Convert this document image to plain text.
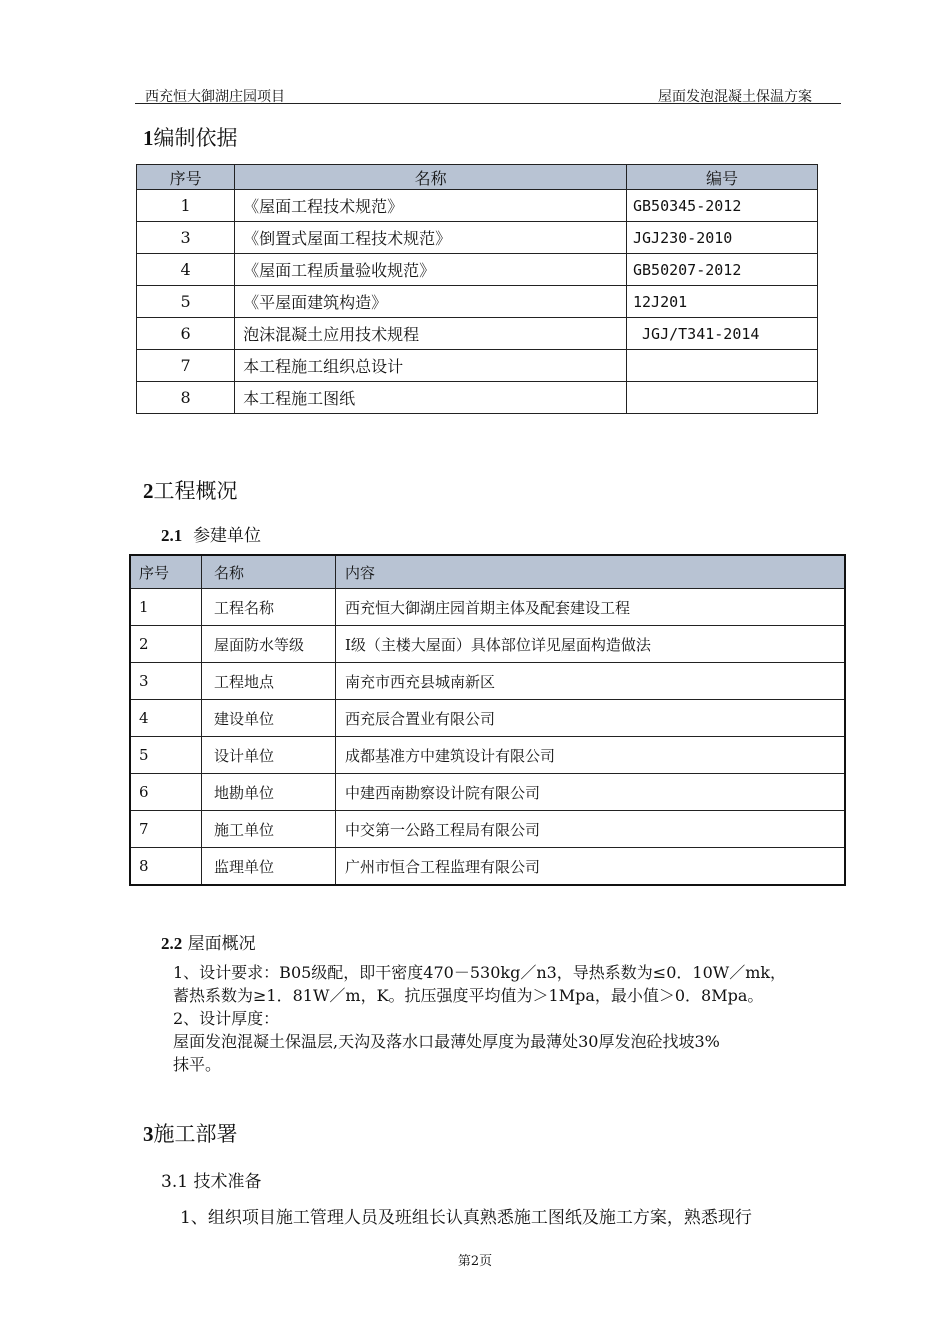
西充恒大御湖庄园项目	屋面发泡混凝土保温方案
1编制依据
序号	名称	编号
1	《屋面工程技术规范》	GB50345-2012
3	《倒置式屋面工程技术规范》	JGJ230-2010
4	《屋面工程质量验收规范》	GB50207-2012
5	《平屋面建筑构造》	12J201
6	泡沫混凝土应用技术规程	JGJ/T341-2014
7	本工程施工组织总设计	
8	本工程施工图纸	
2工程概况
2.1 参建单位
序号	名称	内容
1	工程名称	西充恒大御湖庄园首期主体及配套建设工程
2	屋面防水等级	I级（主楼大屋面）具体部位详见屋面构造做法
3	工程地点	南充市西充县城南新区
4	建设单位	西充辰合置业有限公司
5	设计单位	成都基准方中建筑设计有限公司
6	地勘单位	中建西南勘察设计院有限公司
7	施工单位	中交第一公路工程局有限公司
8	监理单位	广州市恒合工程监理有限公司
2.2 屋面概况
1、设计要求：B05级配，即干密度470－530kg／n3，导热系数为≤0．10W／mk，
蓄热系数为≥1．81W／m，K。抗压强度平均值为＞1Mpa，最小值＞0．8Mpa。
2、设计厚度：
屋面发泡混凝土保温层,天沟及落水口最薄处厚度为最薄处30厚发泡砼找坡3%
抹平。
3施工部署
3.1 技术准备
1、组织项目施工管理人员及班组长认真熟悉施工图纸及施工方案，熟悉现行
第2页
